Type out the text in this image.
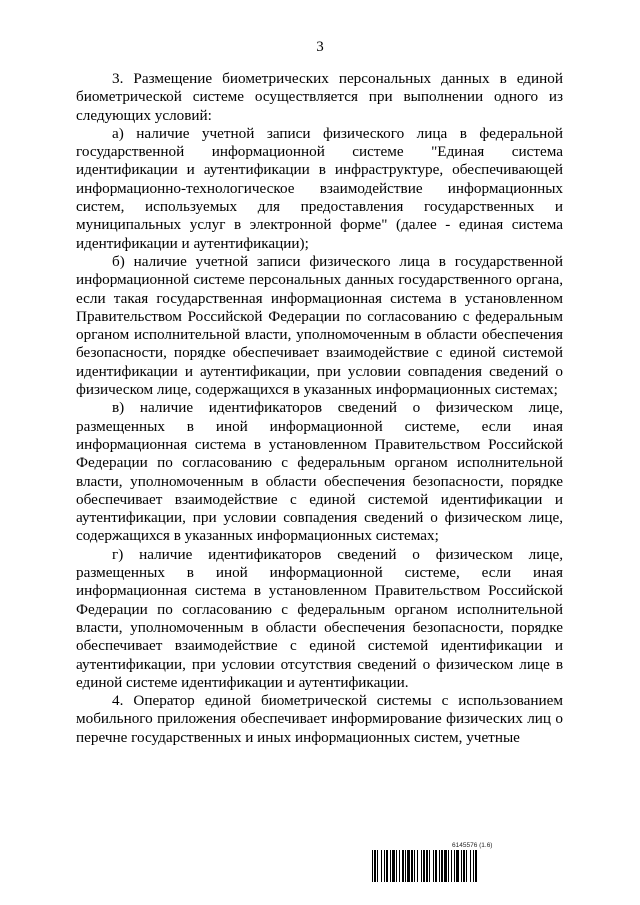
3

3. Размещение биометрических персональных данных в единой биометрической системе осуществляется при выполнении одного из следующих условий:

а) наличие учетной записи физического лица в федеральной государственной информационной системе "Единая система идентификации и аутентификации в инфраструктуре, обеспечивающей информационно-технологическое взаимодействие информационных систем, используемых для предоставления государственных и муниципальных услуг в электронной форме" (далее - единая система идентификации и аутентификации);

б) наличие учетной записи физического лица в государственной информационной системе персональных данных государственного органа, если такая государственная информационная система в установленном Правительством Российской Федерации по согласованию с федеральным органом исполнительной власти, уполномоченным в области обеспечения безопасности, порядке обеспечивает взаимодействие с единой системой идентификации и аутентификации, при условии совпадения сведений о физическом лице, содержащихся в указанных информационных системах;

в) наличие идентификаторов сведений о физическом лице, размещенных в иной информационной системе, если иная информационная система в установленном Правительством Российской Федерации по согласованию с федеральным органом исполнительной власти, уполномоченным в области обеспечения безопасности, порядке обеспечивает взаимодействие с единой системой идентификации и аутентификации, при условии совпадения сведений о физическом лице, содержащихся в указанных информационных системах;

г) наличие идентификаторов сведений о физическом лице, размещенных в иной информационной системе, если иная информационная система в установленном Правительством Российской Федерации по согласованию с федеральным органом исполнительной власти, уполномоченным в области обеспечения безопасности, порядке обеспечивает взаимодействие с единой системой идентификации и аутентификации, при условии отсутствия сведений о физическом лице в единой системе идентификации и аутентификации.

4. Оператор единой биометрической системы с использованием мобильного приложения обеспечивает информирование физических лиц о перечне государственных и иных информационных систем, учетные

6145576 (1.6)
